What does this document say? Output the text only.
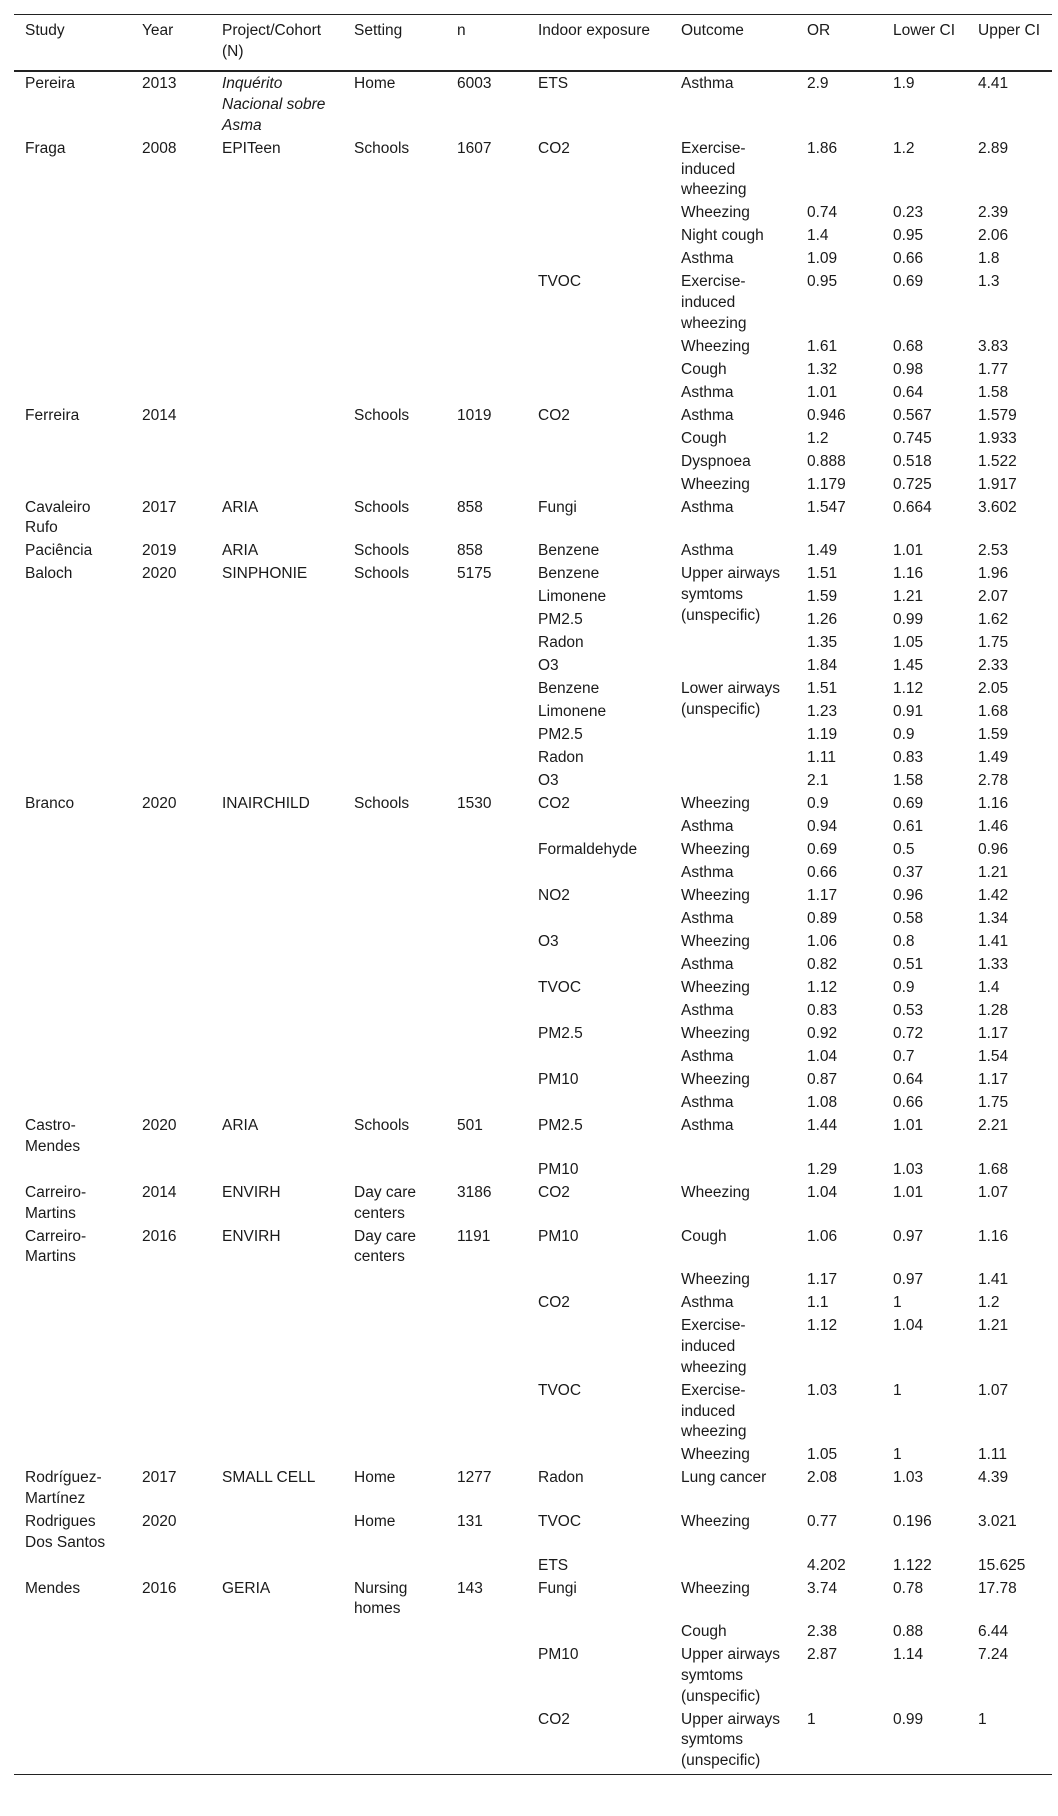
Study	Year	Project/Cohort (N)	Setting	n	Indoor exposure	Outcome	OR	Lower CI	Upper CI
Pereira	2013	Inquérito Nacional sobre Asma	Home	6003	ETS	Asthma	2.9	1.9	4.41
Fraga	2008	EPITeen	Schools	1607	CO2	Exercise-induced wheezing	1.86	1.2	2.89
						Wheezing	0.74	0.23	2.39
						Night cough	1.4	0.95	2.06
						Asthma	1.09	0.66	1.8
					TVOC	Exercise-induced wheezing	0.95	0.69	1.3
						Wheezing	1.61	0.68	3.83
						Cough	1.32	0.98	1.77
						Asthma	1.01	0.64	1.58
Ferreira	2014		Schools	1019	CO2	Asthma	0.946	0.567	1.579
						Cough	1.2	0.745	1.933
						Dyspnoea	0.888	0.518	1.522
						Wheezing	1.179	0.725	1.917
Cavaleiro Rufo	2017	ARIA	Schools	858	Fungi	Asthma	1.547	0.664	3.602
Paciência	2019	ARIA	Schools	858	Benzene	Asthma	1.49	1.01	2.53
Baloch	2020	SINPHONIE	Schools	5175	Benzene	Upper airways symtoms (unspecific)	1.51	1.16	1.96
					Limonene		1.59	1.21	2.07
					PM2.5		1.26	0.99	1.62
					Radon		1.35	1.05	1.75
					O3		1.84	1.45	2.33
					Benzene	Lower airways (unspecific)	1.51	1.12	2.05
					Limonene		1.23	0.91	1.68
					PM2.5		1.19	0.9	1.59
					Radon		1.11	0.83	1.49
					O3		2.1	1.58	2.78
Branco	2020	INAIRCHILD	Schools	1530	CO2	Wheezing	0.9	0.69	1.16
						Asthma	0.94	0.61	1.46
					Formaldehyde	Wheezing	0.69	0.5	0.96
						Asthma	0.66	0.37	1.21
					NO2	Wheezing	1.17	0.96	1.42
						Asthma	0.89	0.58	1.34
					O3	Wheezing	1.06	0.8	1.41
						Asthma	0.82	0.51	1.33
					TVOC	Wheezing	1.12	0.9	1.4
						Asthma	0.83	0.53	1.28
					PM2.5	Wheezing	0.92	0.72	1.17
						Asthma	1.04	0.7	1.54
					PM10	Wheezing	0.87	0.64	1.17
						Asthma	1.08	0.66	1.75
Castro-Mendes	2020	ARIA	Schools	501	PM2.5	Asthma	1.44	1.01	2.21
					PM10		1.29	1.03	1.68
Carreiro-Martins	2014	ENVIRH	Day care centers	3186	CO2	Wheezing	1.04	1.01	1.07
Carreiro-Martins	2016	ENVIRH	Day care centers	1191	PM10	Cough	1.06	0.97	1.16
						Wheezing	1.17	0.97	1.41
					CO2	Asthma	1.1	1	1.2
						Exercise-induced wheezing	1.12	1.04	1.21
					TVOC	Exercise-induced wheezing	1.03	1	1.07
						Wheezing	1.05	1	1.11
Rodríguez-Martínez	2017	SMALL CELL	Home	1277	Radon	Lung cancer	2.08	1.03	4.39
Rodrigues Dos Santos	2020		Home	131	TVOC	Wheezing	0.77	0.196	3.021
					ETS		4.202	1.122	15.625
Mendes	2016	GERIA	Nursing homes	143	Fungi	Wheezing	3.74	0.78	17.78
						Cough	2.38	0.88	6.44
					PM10	Upper airways symtoms (unspecific)	2.87	1.14	7.24
					CO2	Upper airways symtoms (unspecific)	1	0.99	1
